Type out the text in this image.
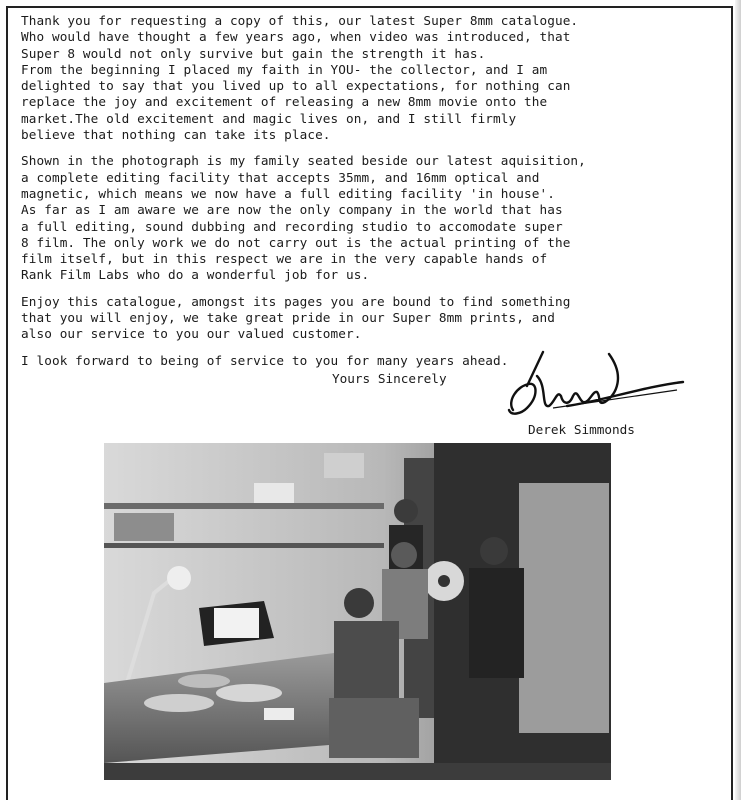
Thank you for requesting a copy of this, our latest Super 8mm catalogue.
Who would have thought a few years ago, when video was introduced, that
Super 8 would not only survive but gain the strength it has.
From the beginning I placed my faith in YOU- the collector, and I am
delighted to say that you lived up to all expectations, for nothing can
replace the joy and excitement of releasing a new 8mm movie onto the
market.The old excitement and magic lives on, and I still firmly
believe that nothing can take its place.

Shown in the photograph is my family seated beside our latest aquisition,
a complete editing facility that accepts 35mm, and 16mm optical and
magnetic, which means we now have a full editing facility 'in house'.
As far as I am aware we are now the only company in the world that has
a full editing, sound dubbing and recording studio to accomodate super
8 film. The only work we do not carry out is the actual printing of the
film itself, but in this respect we are in the very capable hands of
Rank Film Labs who do a wonderful job for us.

Enjoy this catalogue, amongst its pages you are bound to find something
that you will enjoy, we take great pride in our Super 8mm prints, and
also our service to you our valued customer.

I look forward to being of service to you for many years ahead.

Yours Sincerely
Derek Simmonds
